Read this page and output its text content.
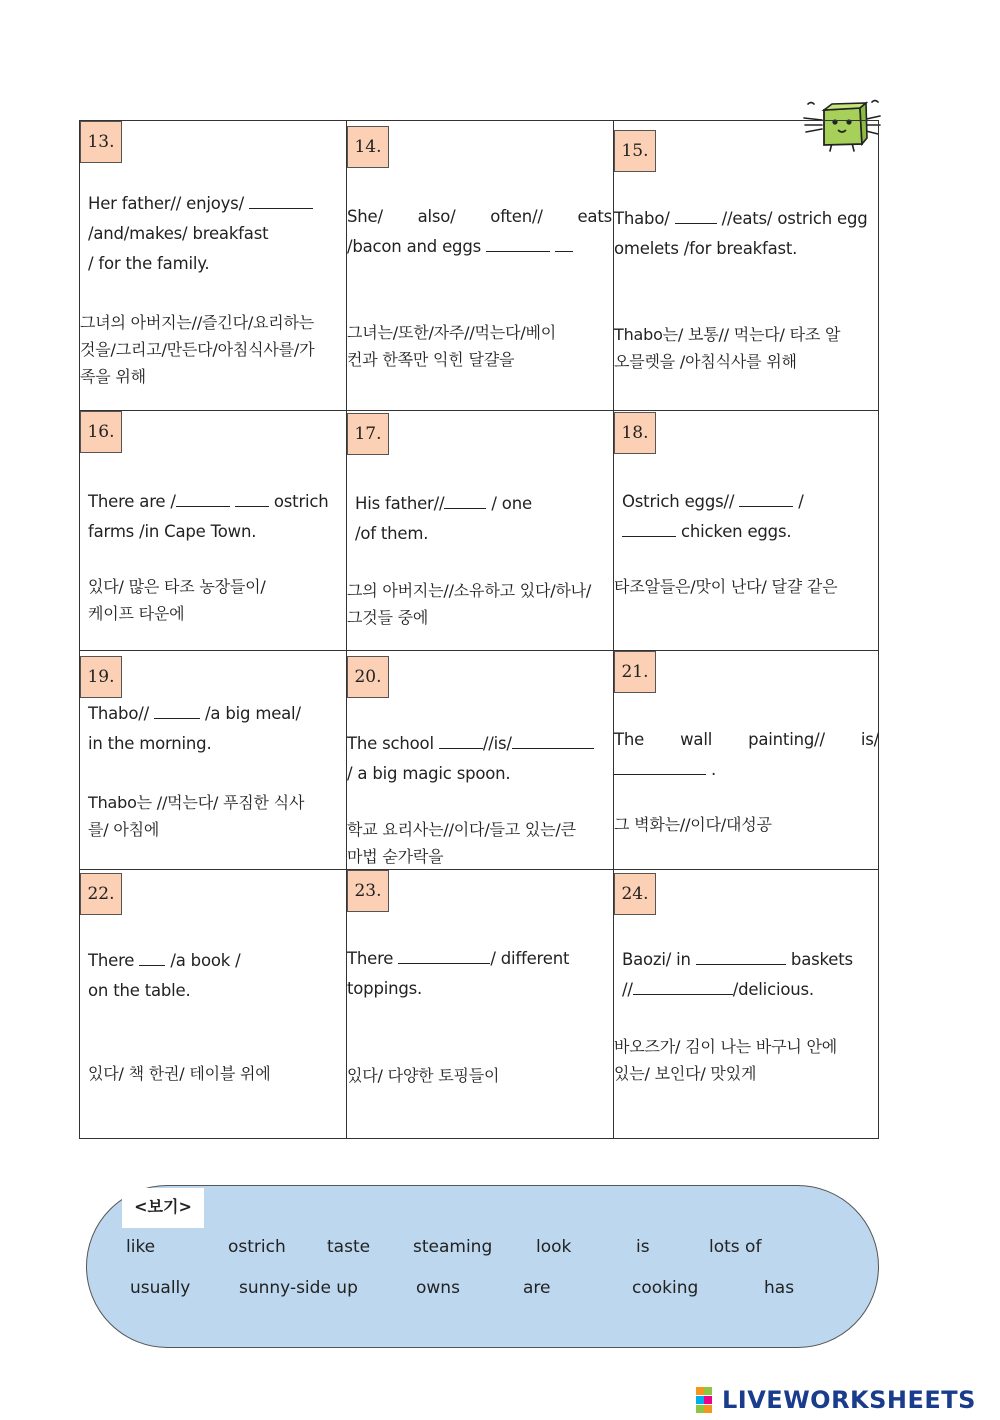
13.
Her father// enjoys/
/and/makes/ breakfast
/ for the family.
그녀의 아버지는//즐긴다/요리하는
것을/그리고/만든다/아침식사를/가
족을 위해
14.
She/ also/ often// eats
/bacon and eggs
그녀는/또한/자주//먹는다/베이
컨과 한쪽만 익힌 달걀을
15.
Thabo/	//eats/ ostrich egg
omelets /for breakfast.
Thabo는/ 보통// 먹는다/ 타조 알
오믈렛을 /아침식사를 위해
16.
There are /	ostrich
farms /in Cape Town.
있다/ 많은 타조 농장들이/
케이프 타운에
17.
His father//	/ one
/of them.
그의 아버지는//소유하고 있다/하나/
그것들 중에
18.
Ostrich eggs//	/
chicken eggs.
타조알들은/맛이 난다/ 달걀 같은
19.
Thabo//	/a big meal/
in the morning.
Thabo는 //먹는다/ 푸짐한 식사
를/ 아침에
20.
The school	//is/
/ a big magic spoon.
학교 요리사는//이다/들고 있는/큰
마법 숟가락을
21.
The wall painting// is/
.
그 벽화는//이다/대성공
22.
There  /a book /
on the table.
있다/ 책 한권/ 테이블 위에
23.
There	/ different
toppings.
있다/ 다양한 토핑들이
24.
Baozi/ in	baskets
//	/delicious.
바오즈가/ 김이 나는 바구니 안에
있는/ 보인다/ 맛있게
<보기>
like	ostrich taste	steaming	look	is	lots of
usually	sunny-side up	owns	are	cooking	has
LIVEWORKSHEETS
